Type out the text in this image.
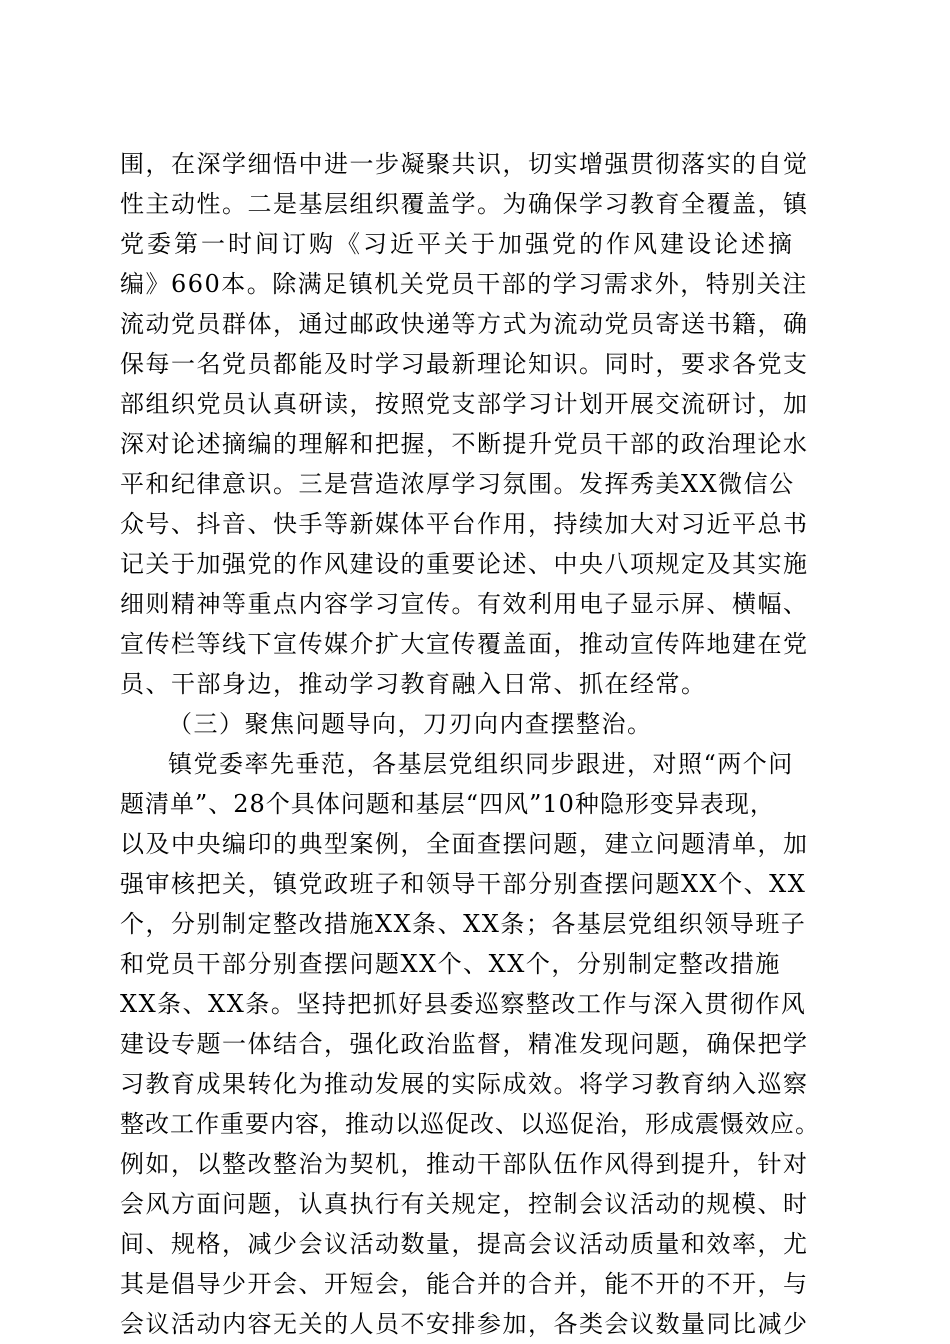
围，在深学细悟中进一步凝聚共识，切实增强贯彻落实的自觉
性主动性。二是基层组织覆盖学。为确保学习教育全覆盖，镇
党委第一时间订购《习近平关于加强党的作风建设论述摘
编》660本。除满足镇机关党员干部的学习需求外，特别关注
流动党员群体，通过邮政快递等方式为流动党员寄送书籍，确
保每一名党员都能及时学习最新理论知识。同时，要求各党支
部组织党员认真研读，按照党支部学习计划开展交流研讨，加
深对论述摘编的理解和把握，不断提升党员干部的政治理论水
平和纪律意识。三是营造浓厚学习氛围。发挥秀美XX微信公
众号、抖音、快手等新媒体平台作用，持续加大对习近平总书
记关于加强党的作风建设的重要论述、中央八项规定及其实施
细则精神等重点内容学习宣传。有效利用电子显示屏、横幅、
宣传栏等线下宣传媒介扩大宣传覆盖面，推动宣传阵地建在党
员、干部身边，推动学习教育融入日常、抓在经常。
（三）聚焦问题导向，刀刃向内查摆整治。
镇党委率先垂范，各基层党组织同步跟进，对照“两个问
题清单”、28个具体问题和基层“四风”10种隐形变异表现，
以及中央编印的典型案例，全面查摆问题，建立问题清单，加
强审核把关，镇党政班子和领导干部分别查摆问题XX个、XX
个，分别制定整改措施XX条、XX条；各基层党组织领导班子
和党员干部分别查摆问题XX个、XX个，分别制定整改措施
XX条、XX条。坚持把抓好县委巡察整改工作与深入贯彻作风
建设专题一体结合，强化政治监督，精准发现问题，确保把学
习教育成果转化为推动发展的实际成效。将学习教育纳入巡察
整改工作重要内容，推动以巡促改、以巡促治，形成震慑效应。
例如，以整改整治为契机，推动干部队伍作风得到提升，针对
会风方面问题，认真执行有关规定，控制会议活动的规模、时
间、规格，减少会议活动数量，提高会议活动质量和效率，尤
其是倡导少开会、开短会，能合并的合并，能不开的不开，与
会议活动内容无关的人员不安排参加，各类会议数量同比减少
